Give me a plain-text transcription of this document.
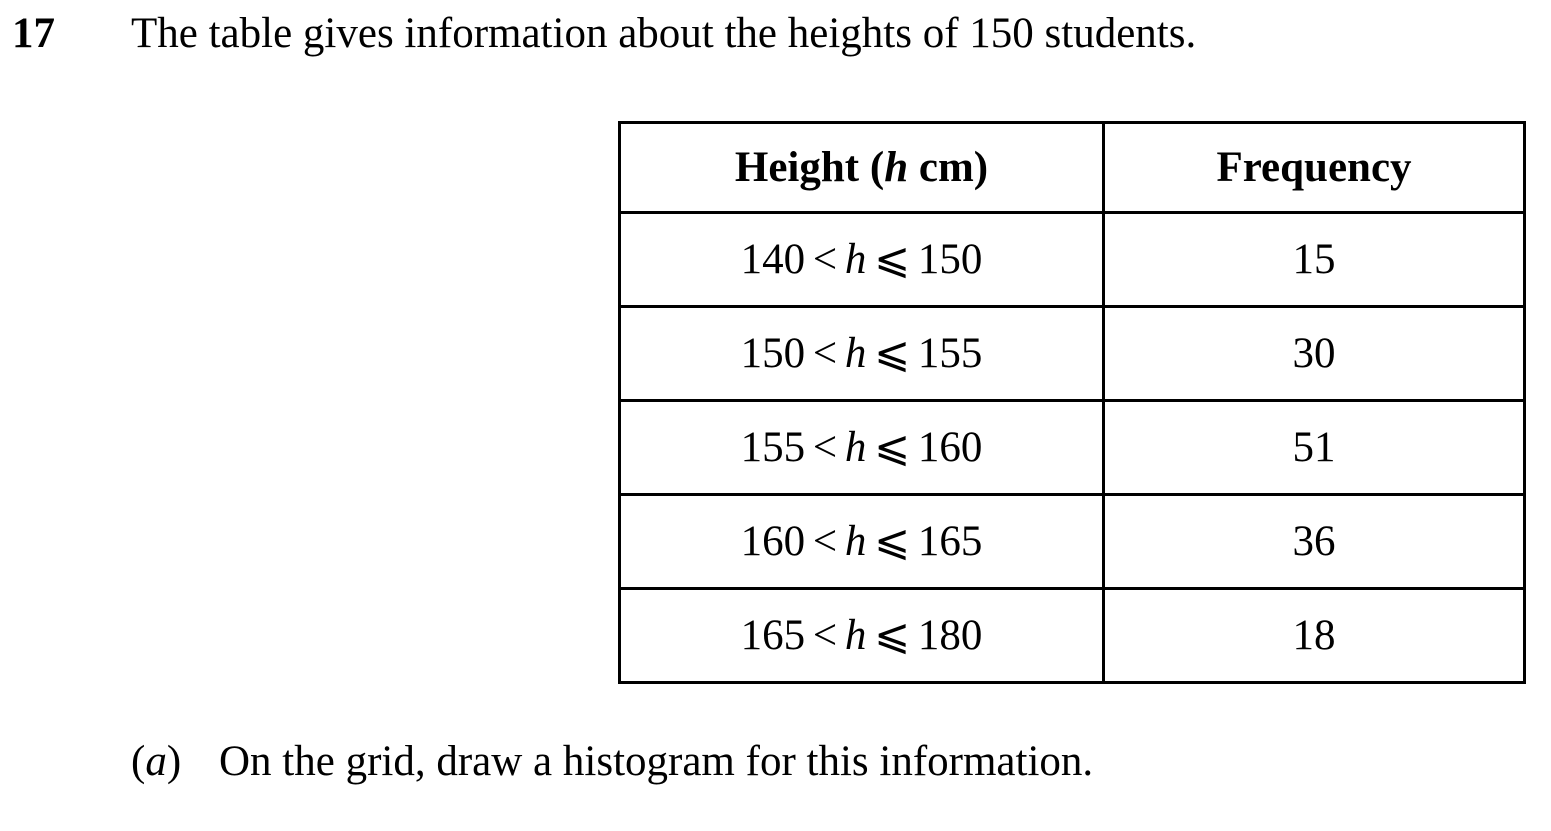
17 The table gives information about the heights of 150 students.
Height (h cm)	Frequency
140 < h ⩽ 150	15
150 < h ⩽ 155	30
155 < h ⩽ 160	51
160 < h ⩽ 165	36
165 < h ⩽ 180	18
(a) On the grid, draw a histogram for this information.
